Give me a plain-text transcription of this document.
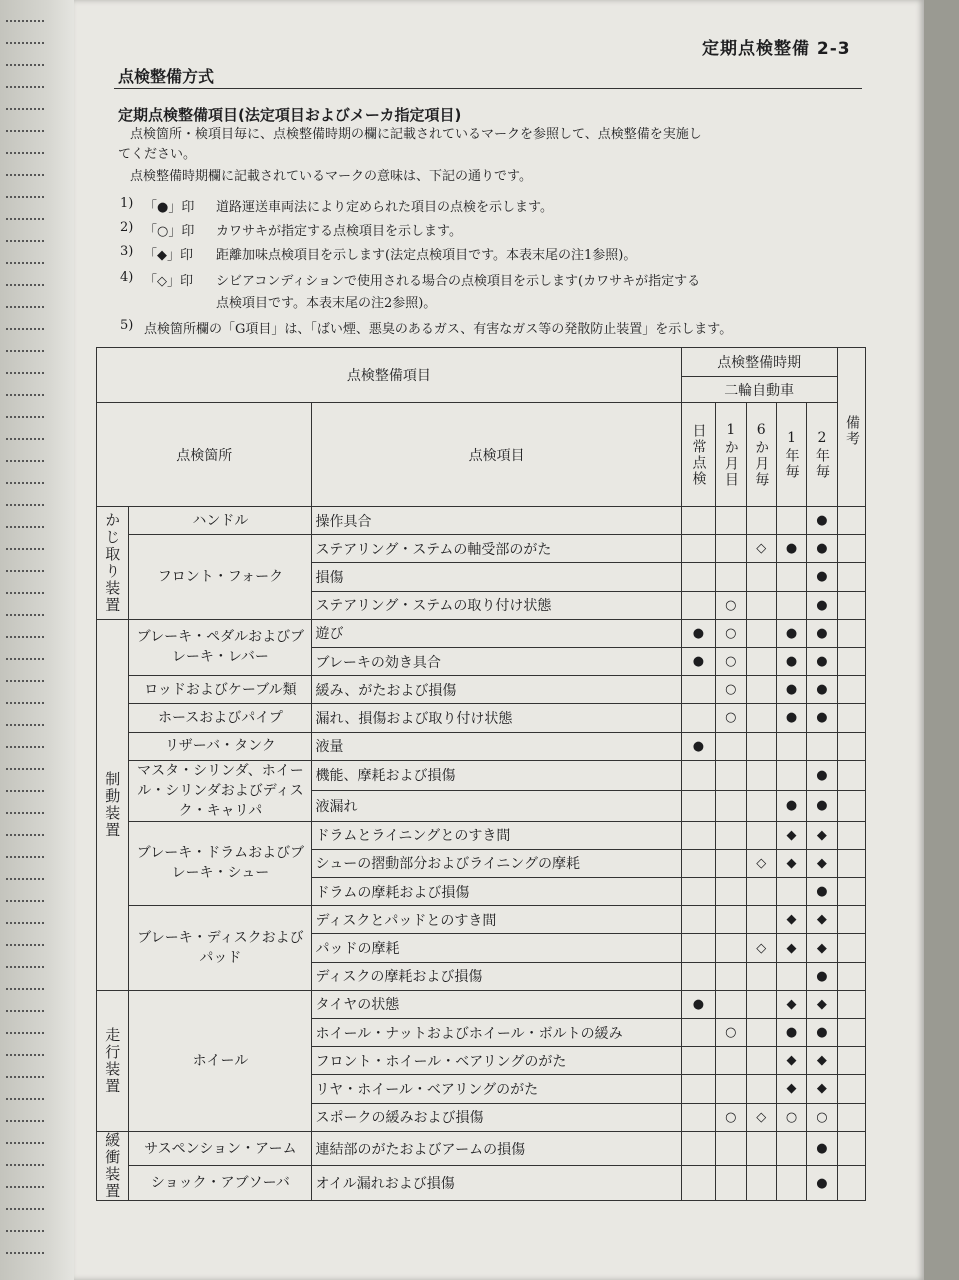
定期点検整備 2-3
点検整備方式
定期点検整備項目(法定項目およびメーカ指定項目)
点検箇所・検項目毎に、点検整備時期の欄に記載されているマークを参照して、点検整備を実施し
てください。
点検整備時期欄に記載されているマークの意味は、下記の通りです。
1) 「●」印 道路運送車両法により定められた項目の点検を示します。
2) 「○」印 カワサキが指定する点検項目を示します。
3) 「◆」印 距離加味点検項目を示します(法定点検項目です。本表末尾の注1参照)。
4) 「◇」印 シビアコンディションで使用される場合の点検項目を示します(カワサキが指定する
点検項目です。本表末尾の注2参照)。
5) 点検箇所欄の「G項目」は、「ばい煙、悪臭のあるガス、有害なガス等の発散防止装置」を示します。
点検整備項目			点検整備時期					備考
			二輪自動車					
点検箇所		点検項目	日常点検	1か月目	6か月毎	1年毎	2年毎	
かじ取り装置	ハンドル	操作具合					●	
	フロント・フォーク	ステアリング・ステムの軸受部のがた			◇	●	●	
		損傷					●	
		ステアリング・ステムの取り付け状態		○			●	
制動装置	ブレーキ・ペダルおよびブレーキ・レバー	遊び	●	○		●	●	
		ブレーキの効き具合	●	○		●	●	
	ロッドおよびケーブル類	緩み、がたおよび損傷		○		●	●	
	ホースおよびパイプ	漏れ、損傷および取り付け状態		○		●	●	
	リザーバ・タンク	液量	●					
	マスタ・シリンダ、ホイール・シリンダおよびディスク・キャリパ	機能、摩耗および損傷					●	
		液漏れ				●	●	
	ブレーキ・ドラムおよびブレーキ・シュー	ドラムとライニングとのすき間				◆	◆	
		シューの摺動部分およびライニングの摩耗			◇	◆	◆	
		ドラムの摩耗および損傷					●	
	ブレーキ・ディスクおよびパッド	ディスクとパッドとのすき間				◆	◆	
		パッドの摩耗			◇	◆	◆	
		ディスクの摩耗および損傷					●	
走行装置	ホイール	タイヤの状態	●			◆	◆	
		ホイール・ナットおよびホイール・ボルトの緩み		○		●	●	
		フロント・ホイール・ベアリングのがた				◆	◆	
		リヤ・ホイール・ベアリングのがた				◆	◆	
		スポークの緩みおよび損傷		○	◇	○	○	
緩衝装置	サスペンション・アーム	連結部のがたおよびアームの損傷					●	
	ショック・アブソーバ	オイル漏れおよび損傷					●	
